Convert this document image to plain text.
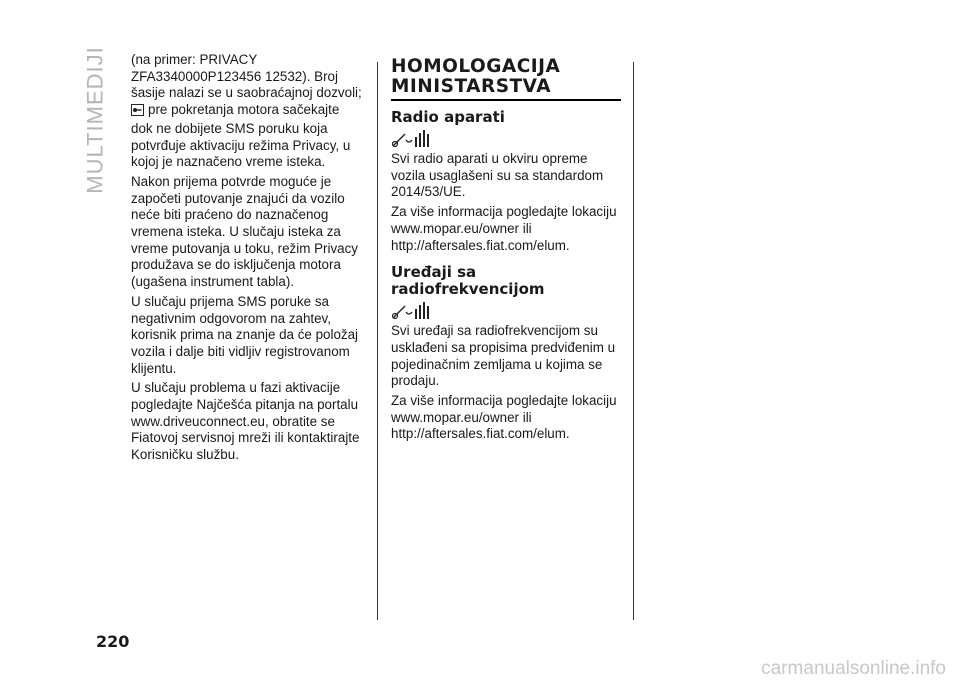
MULTIMEDIJI (na primer: PRIVACY ZFA3340000P123456 12532). Broj šasije nalazi se u saobraćajnoj dozvoli; pre pokretanja motora sačekajte dok ne dobijete SMS poruku koja potvrđuje aktivaciju režima Privacy, u kojoj je naznačeno vreme isteka.

Nakon prijema potvrde moguće je započeti putovanje znajući da vozilo neće biti praćeno do naznačenog vremena isteka. U slučaju isteka za vreme putovanja u toku, režim Privacy produžava se do isključenja motora (ugašena instrument tabla).

U slučaju prijema SMS poruke sa negativnim odgovorom na zahtev, korisnik prima na znanje da će položaj vozila i dalje biti vidljiv registrovanom klijentu.

U slučaju problema u fazi aktivacije pogledajte Najčešća pitanja na portalu www.driveuconnect.eu, obratite se Fiatovoj servisnoj mreži ili kontaktirajte Korisničku službu.

HOMOLOGACIJA
MINISTARSTVA
Radio aparati

Svi radio aparati u okviru opreme vozila usaglašeni su sa standardom 2014/53/UE.

Za više informacija pogledajte lokaciju www.mopar.eu/owner ili http://aftersales.fiat.com/elum.

Uređaji sa
radiofrekvencijom

Svi uređaji sa radiofrekvencijom su usklađeni sa propisima predviđenim u pojedinačnim zemljama u kojima se prodaju.

Za više informacija pogledajte lokaciju www.mopar.eu/owner ili http://aftersales.fiat.com/elum.

220
carmanualsonline.info
